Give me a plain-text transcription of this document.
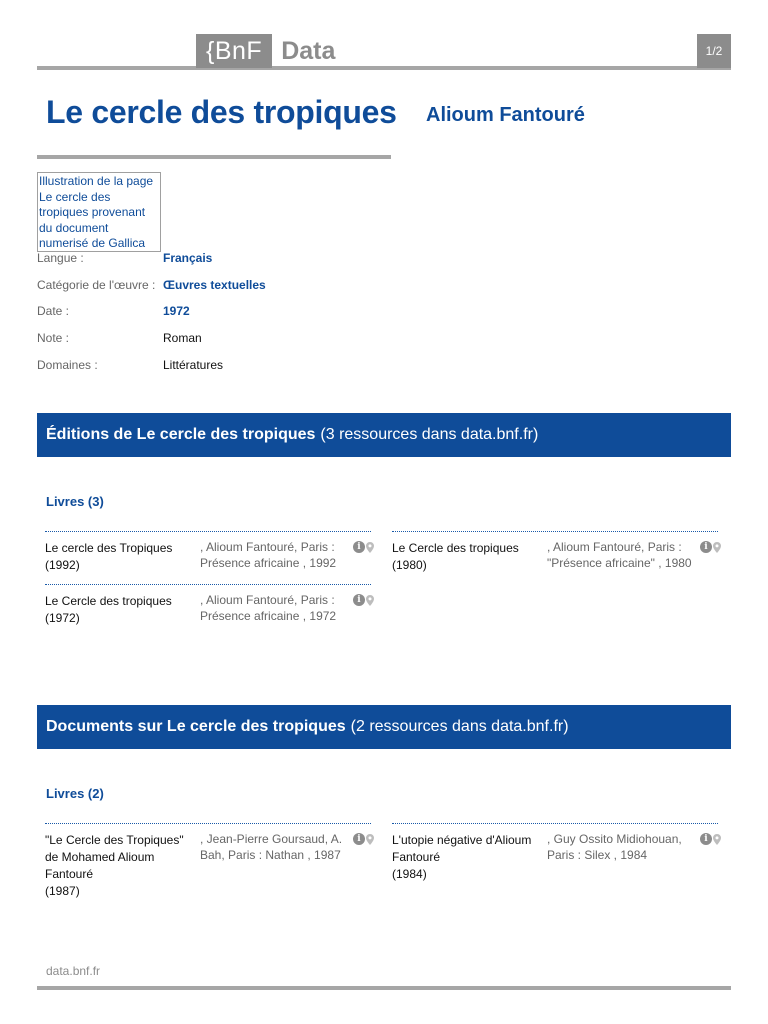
{BnF Data	1/2
Le cercle des tropiques Alioum Fantouré
Illustration de la page Le cercle des tropiques provenant du document numerisé de Gallica
Langue :	Français
Catégorie de l'œuvre : Œuvres textuelles
Date :	1972
Note :	Roman
Domaines :	Littératures
Éditions de Le cercle des tropiques (3 ressources dans data.bnf.fr)
Livres (3)
Le cercle des Tropiques
(1992)
, Alioum Fantouré, Paris : Présence africaine , 1992
i	Le Cercle des tropiques
(1980)
, Alioum Fantouré, Paris : "Présence africaine" , 1980
i
Le Cercle des tropiques
(1972)
, Alioum Fantouré, Paris : Présence africaine , 1972
i
Documents sur Le cercle des tropiques (2 ressources dans data.bnf.fr)
Livres (2)
"Le Cercle des Tropiques" de Mohamed Alioum Fantouré
(1987)
, Jean-Pierre Goursaud, A. Bah, Paris : Nathan , 1987
i	L'utopie négative d'Alioum Fantouré
(1984)
, Guy Ossito Midiohouan, Paris : Silex , 1984
i
data.bnf.fr
